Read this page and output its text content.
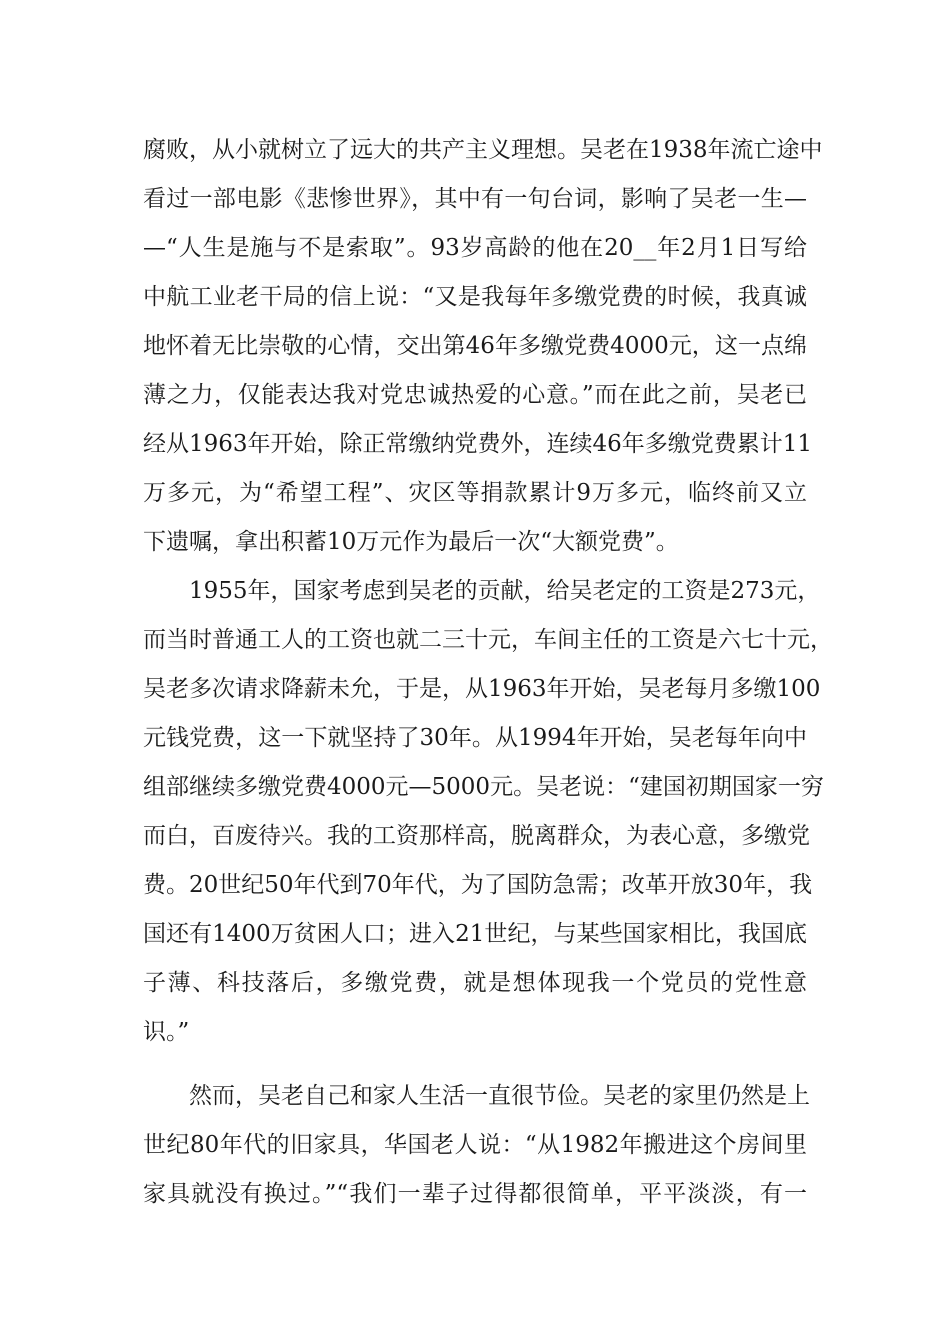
腐败，从小就树立了远大的共产主义理想。吴老在1938年流亡途中
看过一部电影《悲惨世界》，其中有一句台词，影响了吴老一生—
—“人生是施与不是索取”。93岁高龄的他在20__年2月1日写给
中航工业老干局的信上说：“又是我每年多缴党费的时候，我真诚
地怀着无比崇敬的心情，交出第46年多缴党费4000元，这一点绵
薄之力，仅能表达我对党忠诚热爱的心意。”而在此之前，吴老已
经从1963年开始，除正常缴纳党费外，连续46年多缴党费累计11
万多元，为“希望工程”、灾区等捐款累计9万多元，临终前又立
下遗嘱，拿出积蓄10万元作为最后一次“大额党费”。
1955年，国家考虑到吴老的贡献，给吴老定的工资是273元，
而当时普通工人的工资也就二三十元，车间主任的工资是六七十元，
吴老多次请求降薪未允，于是，从1963年开始，吴老每月多缴100
元钱党费，这一下就坚持了30年。从1994年开始，吴老每年向中
组部继续多缴党费4000元—5000元。吴老说：“建国初期国家一穷
而白，百废待兴。我的工资那样高，脱离群众，为表心意，多缴党
费。20世纪50年代到70年代，为了国防急需；改革开放30年，我
国还有1400万贫困人口；进入21世纪，与某些国家相比，我国底
子薄、科技落后，多缴党费，就是想体现我一个党员的党性意
识。”
然而，吴老自己和家人生活一直很节俭。吴老的家里仍然是上
世纪80年代的旧家具，华国老人说：“从1982年搬进这个房间里
家具就没有换过。”“我们一辈子过得都很简单，平平淡淡，有一
